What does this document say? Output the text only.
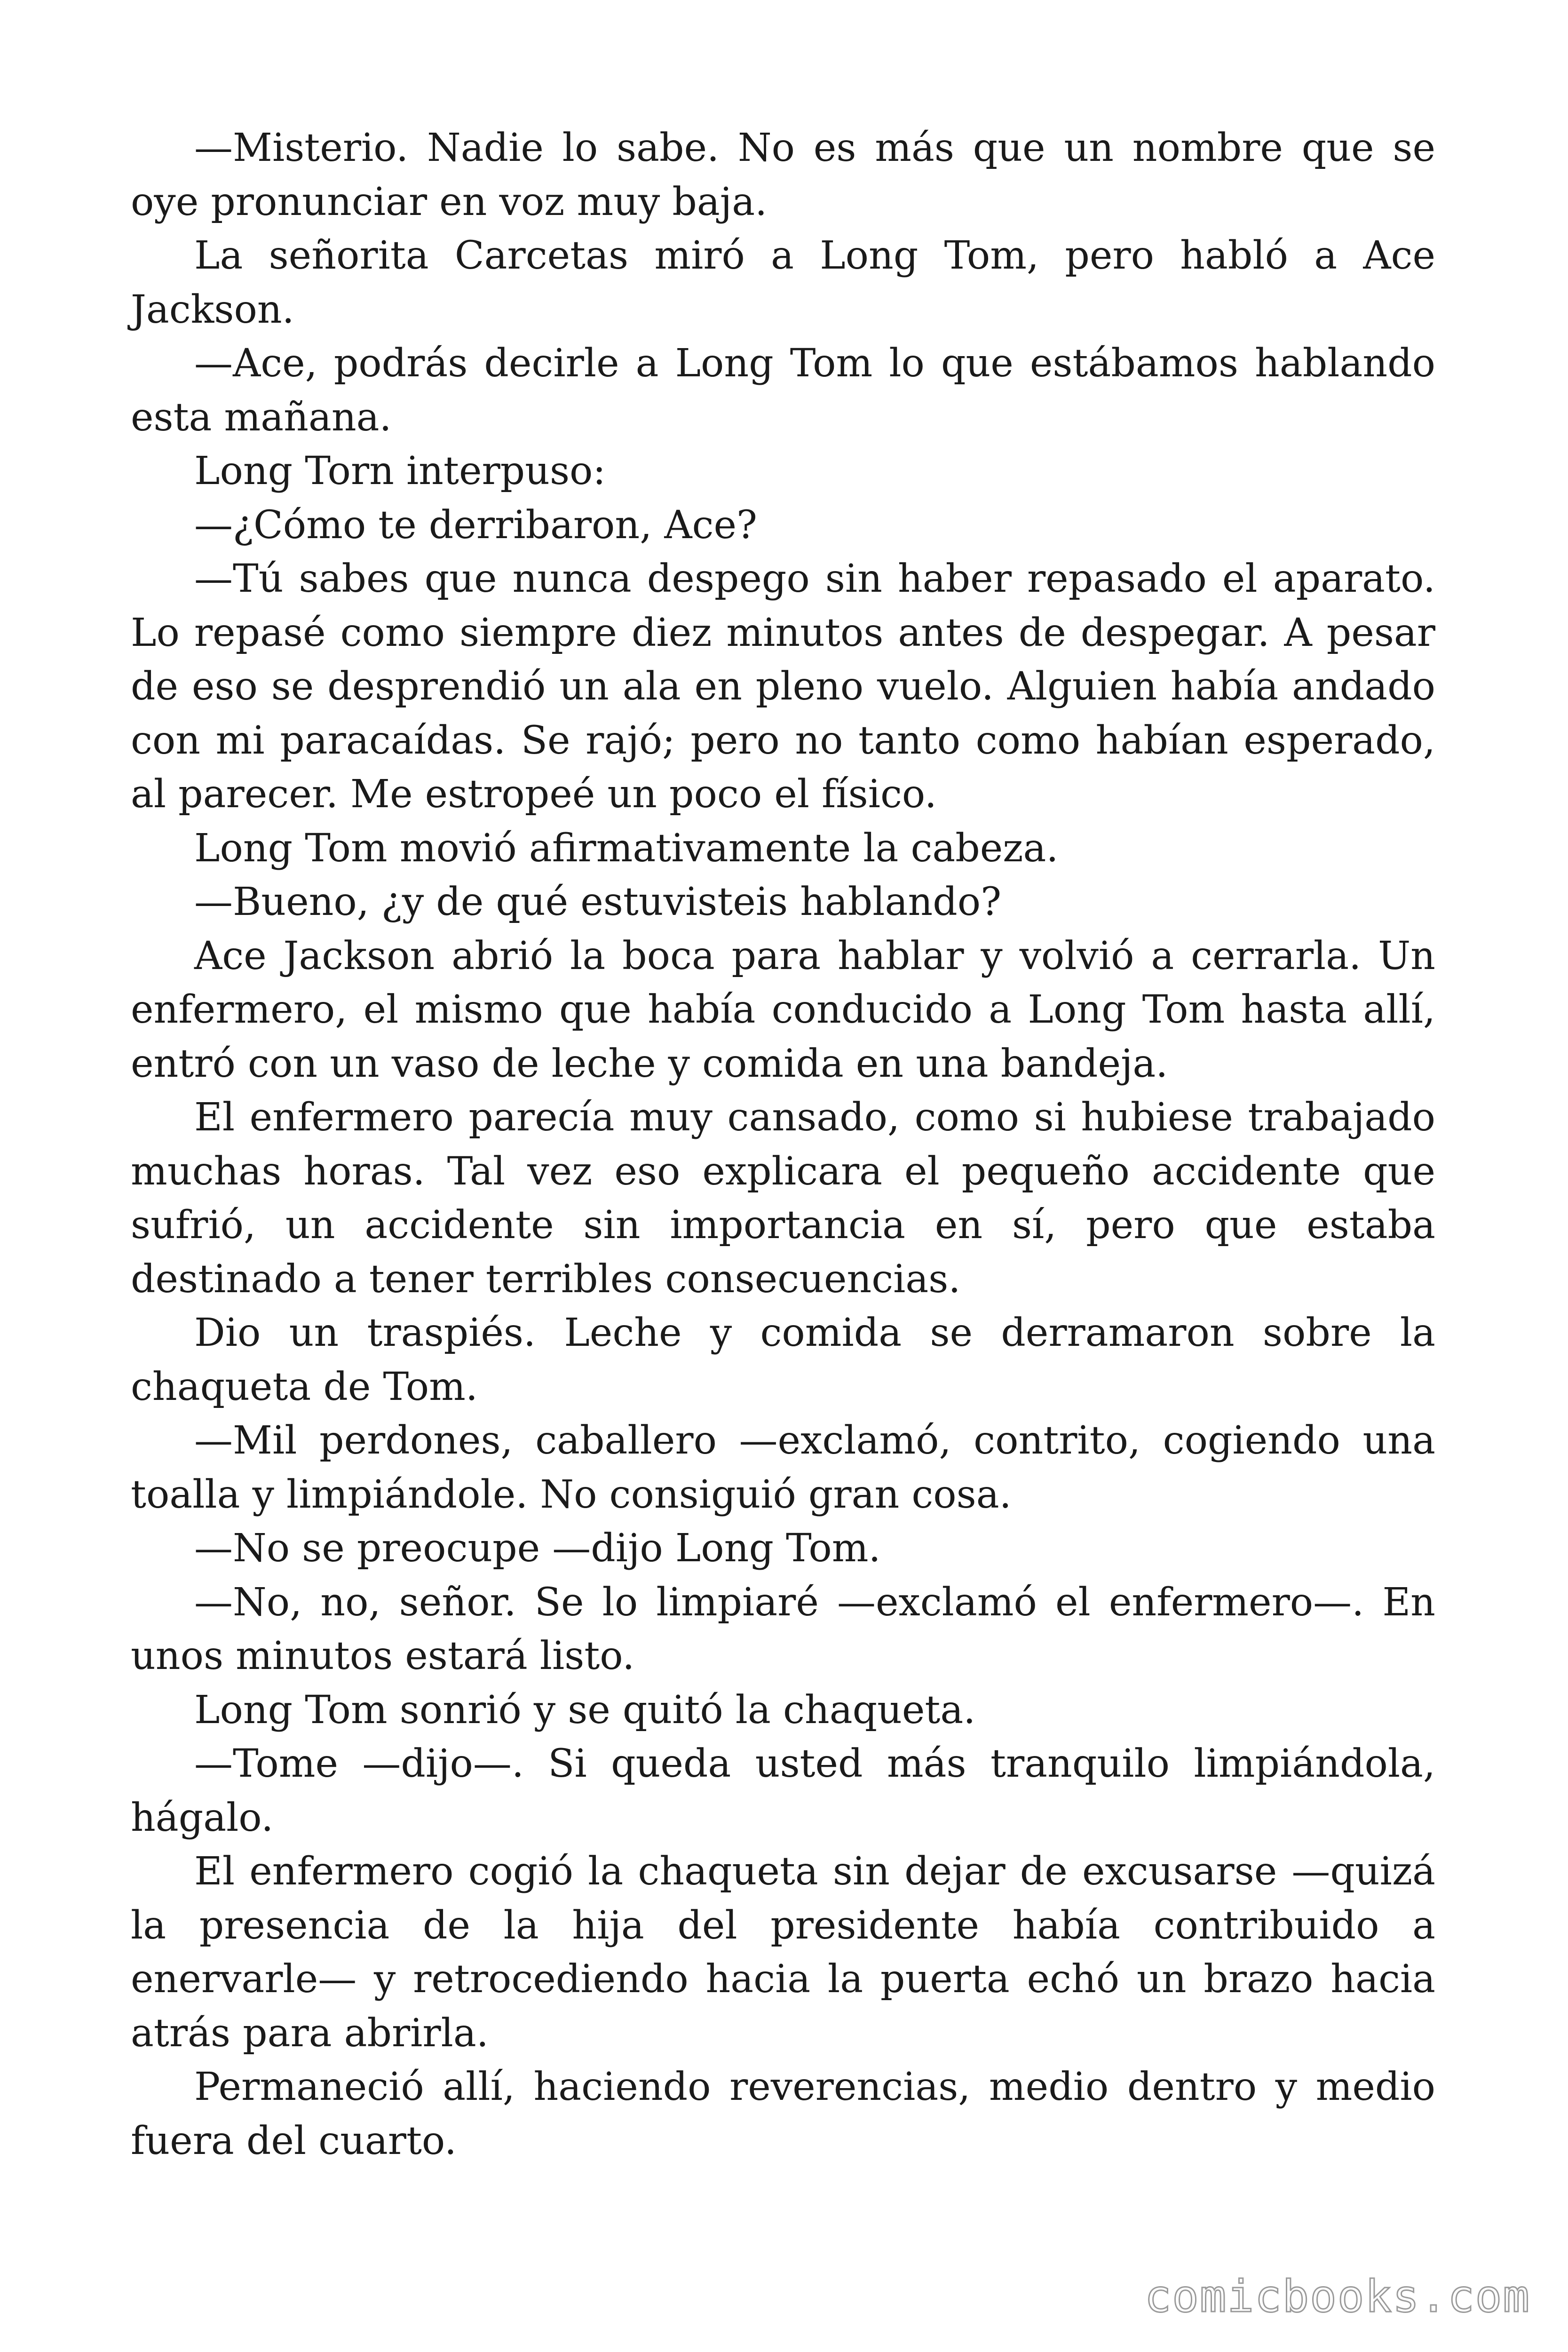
—Misterio. Nadie lo sabe. No es más que un nombre que se oye pronunciar en voz muy baja.

La señorita Carcetas miró a Long Tom, pero habló a Ace Jackson.

—Ace, podrás decirle a Long Tom lo que estábamos hablando esta mañana.

Long Torn interpuso:

—¿Cómo te derribaron, Ace?

—Tú sabes que nunca despego sin haber repasado el aparato. Lo repasé como siempre diez minutos antes de despegar. A pesar de eso se desprendió un ala en pleno vuelo. Alguien había andado con mi paracaídas. Se rajó; pero no tanto como habían esperado, al parecer. Me estropeé un poco el físico.

Long Tom movió afirmativamente la cabeza.

—Bueno, ¿y de qué estuvisteis hablando?

Ace Jackson abrió la boca para hablar y volvió a cerrarla. Un enfermero, el mismo que había conducido a Long Tom hasta allí, entró con un vaso de leche y comida en una bandeja.

El enfermero parecía muy cansado, como si hubiese trabajado muchas horas. Tal vez eso explicara el pequeño accidente que sufrió, un accidente sin importancia en sí, pero que estaba destinado a tener terribles consecuencias.

Dio un traspiés. Leche y comida se derramaron sobre la chaqueta de Tom.

—Mil perdones, caballero —exclamó, contrito, cogiendo una toalla y limpiándole. No consiguió gran cosa.

—No se preocupe —dijo Long Tom.

—No, no, señor. Se lo limpiaré —exclamó el enfermero—. En unos minutos estará listo.

Long Tom sonrió y se quitó la chaqueta.

—Tome —dijo—. Si queda usted más tranquilo limpiándola, hágalo.

El enfermero cogió la chaqueta sin dejar de excusarse —quizá la presencia de la hija del presidente había contribuido a enervarle— y retrocediendo hacia la puerta echó un brazo hacia atrás para abrirla.

Permaneció allí, haciendo reverencias, medio dentro y medio fuera del cuarto.

comicbooks.com
